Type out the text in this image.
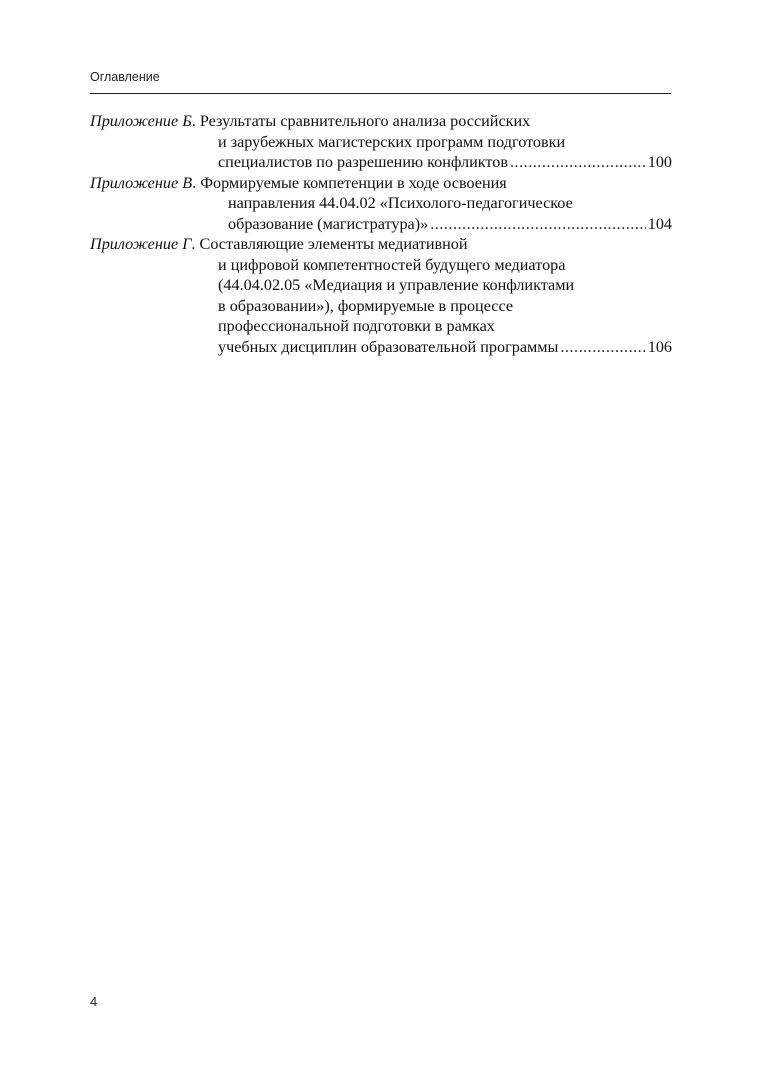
Оглавление
Приложение Б. Результаты сравнительного анализа российских
и зарубежных магистерских программ подготовки
специалистов по разрешению конфликтов .....	100
Приложение В. Формируемые компетенции в ходе освоения
направления 44.04.02 «Психолого-педагогическое
образование (магистратура)» .....	104
Приложение Г. Составляющие элементы медиативной
и цифровой компетентностей будущего медиатора
(44.04.02.05 «Медиация и управление конфликтами
в образовании»), формируемые в процессе
профессиональной подготовки в рамках
учебных дисциплин образовательной программы .....	106
4
